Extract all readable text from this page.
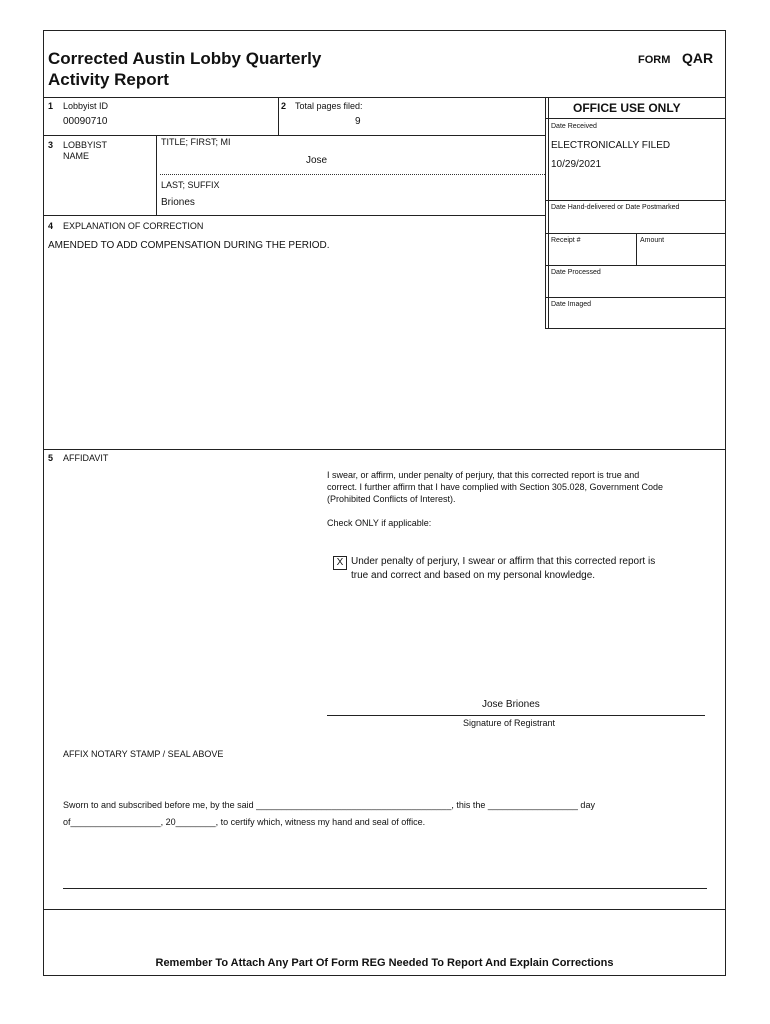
Corrected Austin Lobby Quarterly
Activity Report
FORM QAR
1 Lobbyist ID
00090710
2 Total pages filed:
9
3 LOBBYIST
NAME
TITLE; FIRST; MI
Jose
LAST; SUFFIX
Briones
OFFICE USE ONLY
Date Received
ELECTRONICALLY FILED
10/29/2021
Date Hand-delivered or Date Postmarked
Receipt #	Amount
Date Processed
Date Imaged
4 EXPLANATION OF CORRECTION
AMENDED TO ADD COMPENSATION DURING THE PERIOD.
5 AFFIDAVIT
I swear, or affirm, under penalty of perjury, that this corrected report is true and
correct. I further affirm that I have complied with Section 305.028, Government Code
(Prohibited Conflicts of Interest).
Check ONLY if applicable:
X Under penalty of perjury, I swear or affirm that this corrected report is
true and correct and based on my personal knowledge.
Jose Briones
Signature of Registrant
AFFIX NOTARY STAMP / SEAL ABOVE
Sworn to and subscribed before me, by the said _______________________________________, this the __________________ day
of__________________, 20________, to certify which, witness my hand and seal of office.
Remember To Attach Any Part Of Form REG Needed To Report And Explain Corrections
